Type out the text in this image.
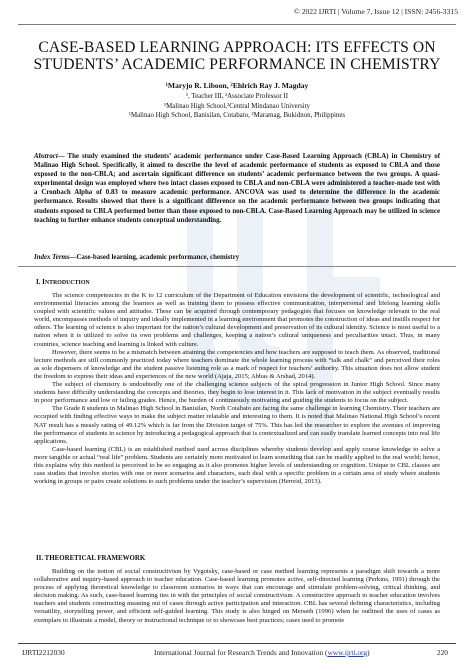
© 2022 IJRTI | Volume 7, Issue 12 | ISSN: 2456-3315
CASE-BASED LEARNING APPROACH: ITS EFFECTS ON
STUDENTS’ ACADEMIC PERFORMANCE IN CHEMISTRY
¹Maryjo R. Liboon, ²Ehlrich Ray J. Magday
¹, Teacher III, ²Associate Professor II
¹Malinao High School,²Central Mindanao University
¹Malinao High School, Banisilan, Cotabato, ²Maramag, Bukidnon, Philippines

Abstract— The study examined the students’ academic performance under Case-Based Learning Approach (CBLA) in Chemistry of Malinao High School. Specifically, it aimed to describe the level of academic performance of students as exposed to CBLA and those exposed to the non-CBLA; and ascertain significant difference on students’ academic performance between the two groups. A quasi-experimental design was employed where two intact classes exposed to CBLA and non-CBLA were administered a teacher-made test with a Cronbach Alpha of 0.83 to measure academic performance. ANCOVA was used to determine the difference in the academic performance. Results showed that there is a significant difference on the academic performance between two groups indicating that students exposed to CBLA performed better than those exposed to non-CBLA. Case-Based Learning Approach may be utilized in science teaching to further enhance students conceptual understanding.

Index Terms—Case-based learning, academic performance, chemistry

I. INTRODUCTION

The science competencies in the K to 12 curriculum of the Department of Education envisions the development of scientific, technological and environmental literacies among the learners as well as training them to possess effective communication, interpersonal and lifelong learning skills coupled with scientific values and attitudes. These can be acquired through contemporary pedagogies that focuses on knowledge relevant to the real world, encompasses methods of inquiry and ideally implemented in a learning environment that promotes the construction of ideas and instills respect for others. The learning of science is also important for the nation’s cultural development and preservation of its cultural identity. Science is most useful to a nation when it is utilized to solve its own problems and challenges, keeping a nation’s cultural uniqueness and peculiarities intact. Thus, in many countries, science teaching and learning is linked with culture.

However, there seems to be a mismatch between attaining the competencies and how teachers are supposed to teach them. As observed, traditional lecture methods are still commonly practiced today where teachers dominate the whole learning process with “talk and chalk” and perceived their roles as sole dispensers of knowledge and the student passive listening role as a mark of respect for teachers’ authority. This situation does not allow student the freedom to express their ideas and experiences of the new world (Ajaja, 2015; Abbas & Arshad, 2014).

The subject of chemistry is undoubtedly one of the challenging science subjects of the spiral progression in Junior High School. Since many students have difficulty understanding the concepts and theories, they begin to lose interest in it. This lack of motivation in the subject eventually results in poor performance and low or failing grades. Hence, the burden of continuously motivating and guiding the students to focus on the subject.

The Grade 8 students in Malinao High School in Banisilan, North Cotabato are facing the same challenge in learning Chemistry. Their teachers are occupied with finding effective ways to make the subject matter relatable and interesting to them. It is noted that Malinao National High School’s recent NAT result has a measly rating of 49.12% which is far from the Division target of 75%. This has led the researcher to explore the avenues of improving the performance of students in science by introducing a pedagogical approach that is contextualized and can easily translate learned concepts into real life applications.

Case-based learning (CBL) is an established method used across disciplines whereby students develop and apply course knowledge to solve a more tangible or actual “real life” problem. Students are certainly more motivated to learn something that can be readily applied to the real world; hence, this explains why this method is perceived to be so engaging as it also promotes higher levels of understanding or cognition. Unique to CBL classes are case studies that involve stories with one or more scenarios and characters, each deal with a specific problem in a certain area of study where students working in groups or pairs create solutions to such problems under the teacher’s supervision (Herreid, 2013).

II. THEORETICAL FRAMEWORK

Building on the notion of social constructivism by Vygotsky, case-based or case method learning represents a paradigm shift towards a more collaborative and inquiry-based approach to teacher education. Case-based learning promotes active, self-directed learning (Perkins, 1991) through the process of applying theoretical knowledge to classroom scenarios in ways that can encourage and stimulate problem-solving, critical thinking, and decision making. As such, case-based learning ties in with the principles of social constructivism. A constructive approach to teacher education involves teachers and students constructing meaning out of cases through active participation and interaction. CBL has several defining characteristics, including versatility, storytelling power, and efficient self-guided learning. This study is also hinged on Merseth (1996) when he outlined the uses of cases as exemplars to illustrate a model, theory or instructional technique or to showcase best practices; cases used to promote

IJRTI2212030	International Journal for Research Trends and Innovation (www.ijrti.org)	220
